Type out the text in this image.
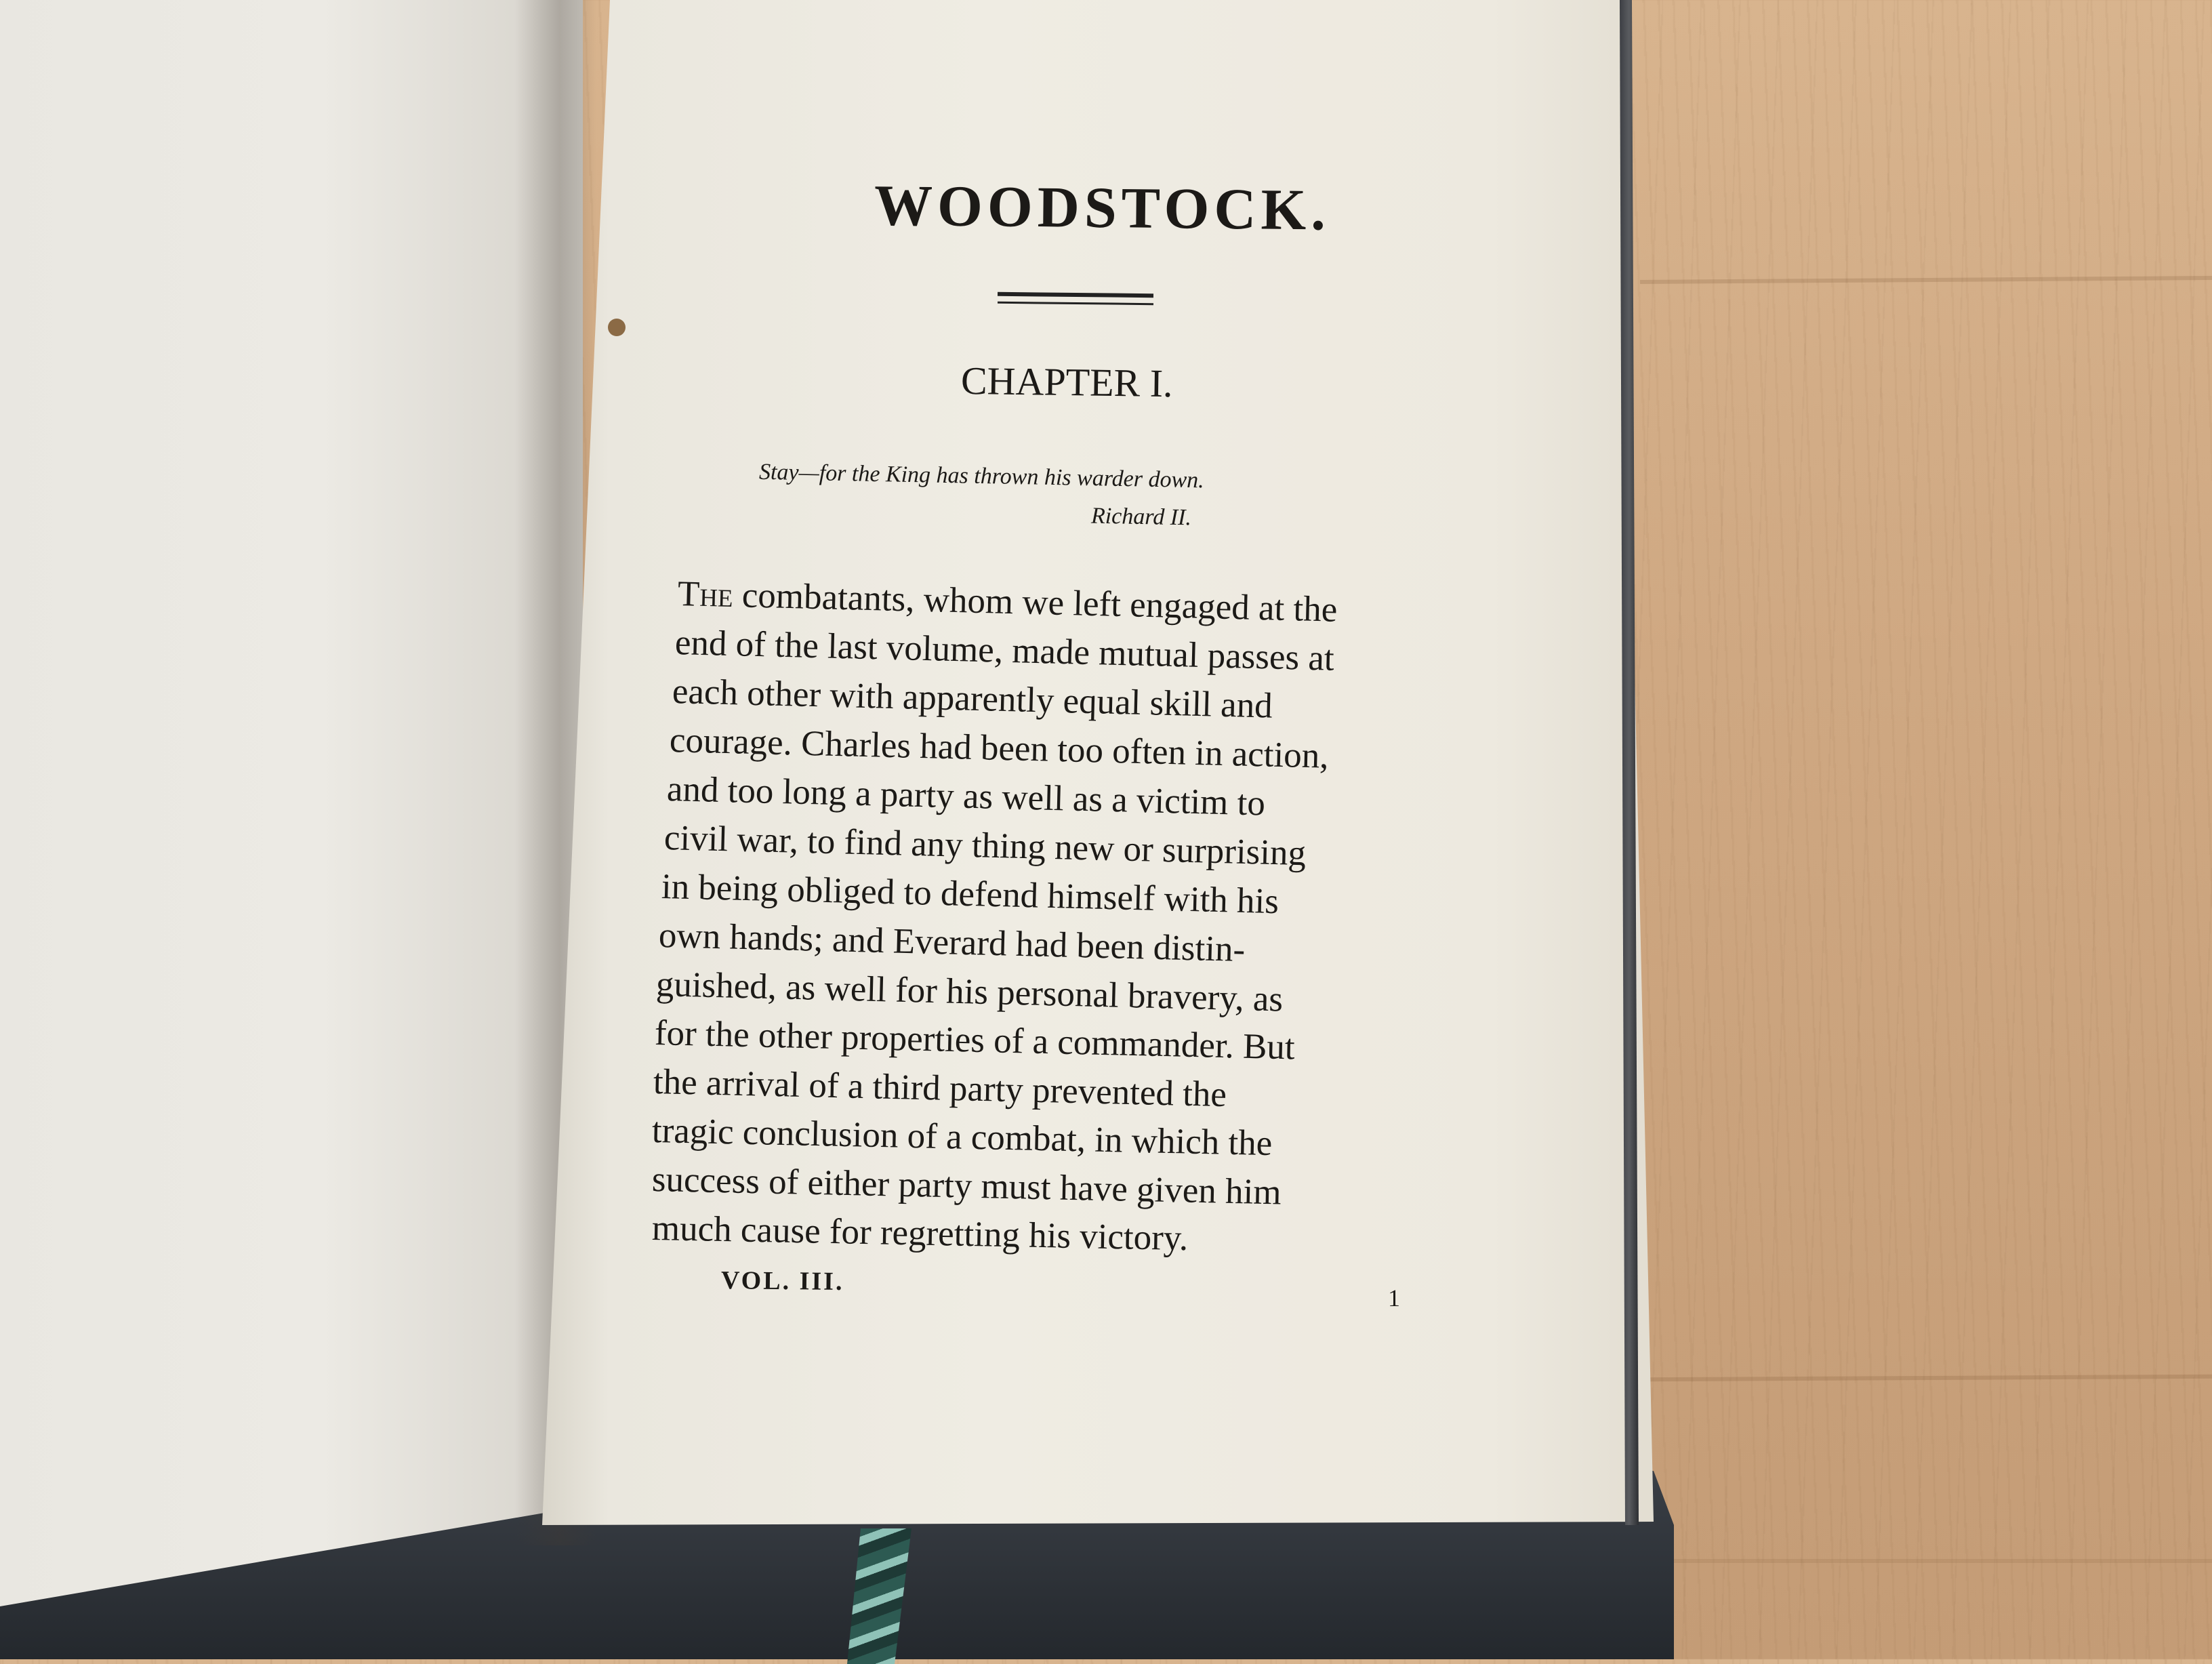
WOODSTOCK.
CHAPTER I.
Stay—for the King has thrown his warder down.
Richard II.
The combatants, whom we left engaged at the
end of the last volume, made mutual passes at
each other with apparently equal skill and
courage. Charles had been too often in action,
and too long a party as well as a victim to
civil war, to find any thing new or surprising
in being obliged to defend himself with his
own hands; and Everard had been distin-
guished, as well for his personal bravery, as
for the other properties of a commander. But
the arrival of a third party prevented the
tragic conclusion of a combat, in which the
success of either party must have given him
much cause for regretting his victory.
VOL. III.
1
